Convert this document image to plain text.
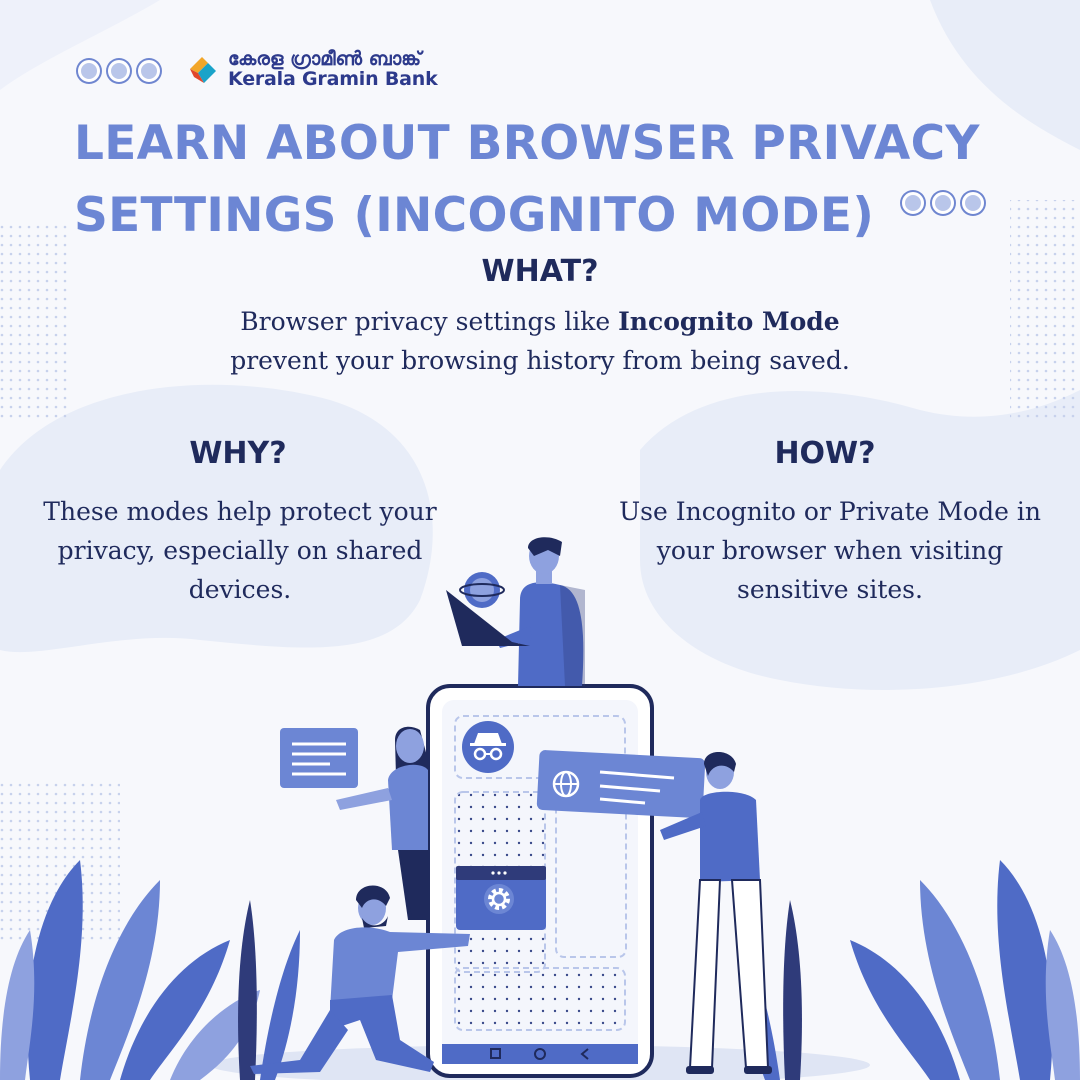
കേരള ഗ്രാമീൺ ബാങ്ക്
Kerala Gramin Bank
LEARN ABOUT BROWSER PRIVACY
SETTINGS (INCOGNITO MODE)
WHAT?
Browser privacy settings like Incognito Mode prevent your browsing history from being saved.
WHY?
These modes help protect your privacy, especially on shared devices.
HOW?
Use Incognito or Private Mode in your browser when visiting sensitive sites.
